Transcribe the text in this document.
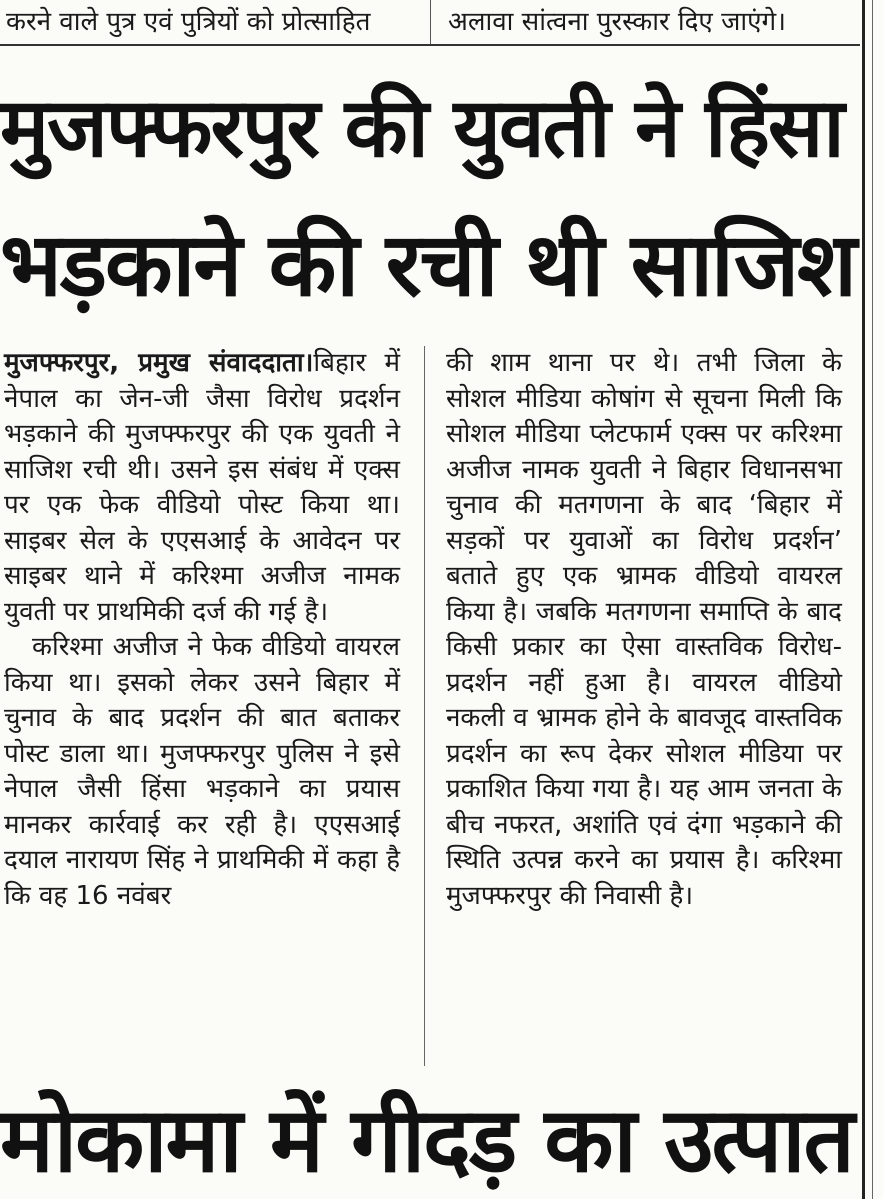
करने वाले पुत्र एवं पुत्रियों को प्रोत्साहित	अलावा सांत्वना पुरस्कार दिए जाएंगे।
मुजफ्फरपुर की युवती ने हिंसा
भड़काने की रची थी साजिश

मुजफ्फरपुर, प्रमुख संवाददाता।बिहार में नेपाल का जेन-जी जैसा विरोध प्रदर्शन भड़काने की मुजफ्फरपुर की एक युवती ने साजिश रची थी। उसने इस संबंध में एक्स पर एक फेक वीडियो पोस्ट किया था। साइबर सेल के एएसआई के आवेदन पर साइबर थाने में करिश्मा अजीज नामक युवती पर प्राथमिकी दर्ज की गई है।

करिश्मा अजीज ने फेक वीडियो वायरल किया था। इसको लेकर उसने बिहार में चुनाव के बाद प्रदर्शन की बात बताकर पोस्ट डाला था। मुजफ्फरपुर पुलिस ने इसे नेपाल जैसी हिंसा भड़काने का प्रयास मानकर कार्रवाई कर रही है। एएसआई दयाल नारायण सिंह ने प्राथमिकी में कहा है कि वह 16 नवंबर

की शाम थाना पर थे। तभी जिला के सोशल मीडिया कोषांग से सूचना मिली कि सोशल मीडिया प्लेटफार्म एक्स पर करिश्मा अजीज नामक युवती ने बिहार विधानसभा चुनाव की मतगणना के बाद ‘बिहार में सड़कों पर युवाओं का विरोध प्रदर्शन’ बताते हुए एक भ्रामक वीडियो वायरल किया है। जबकि मतगणना समाप्ति के बाद किसी प्रकार का ऐसा वास्तविक विरोध-प्रदर्शन नहीं हुआ है। वायरल वीडियो नकली व भ्रामक होने के बावजूद वास्तविक प्रदर्शन का रूप देकर सोशल मीडिया पर प्रकाशित किया गया है। यह आम जनता के बीच नफरत, अशांति एवं दंगा भड़काने की स्थिति उत्पन्न करने का प्रयास है। करिश्मा मुजफ्फरपुर की निवासी है।

मोकामा में गीदड़ का उत्पात
